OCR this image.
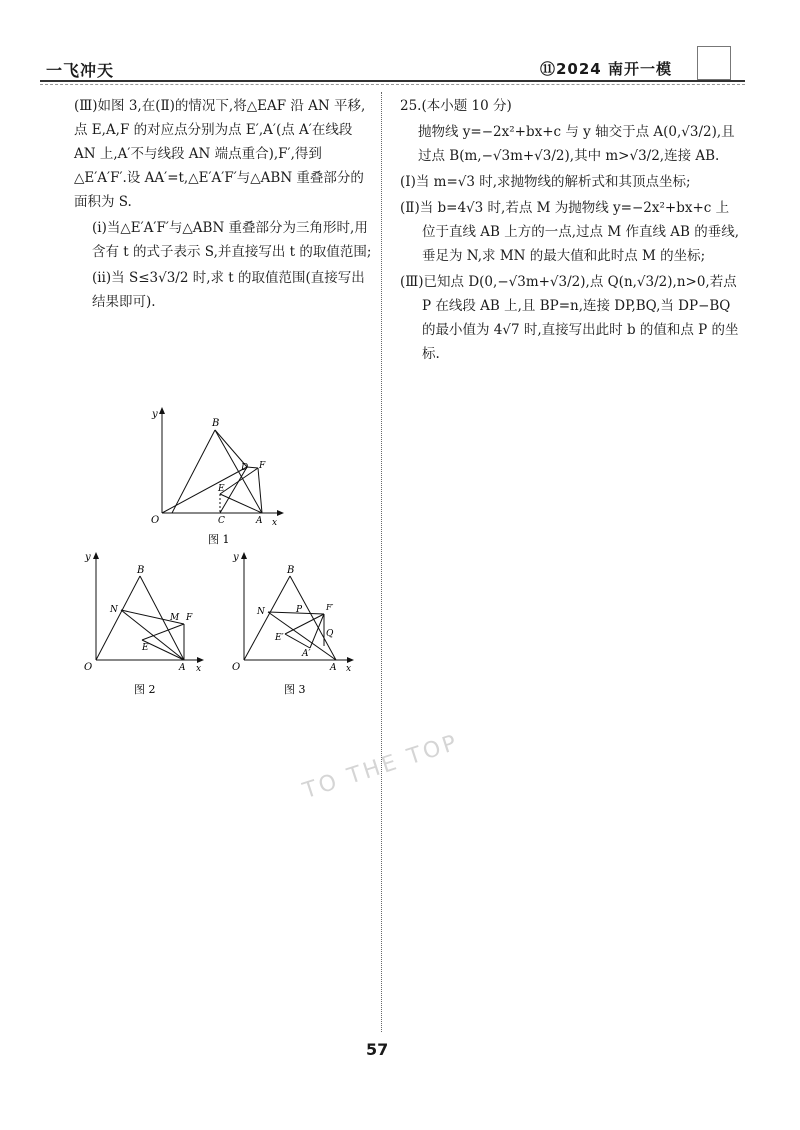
一飞冲天	⑪2024 南开一模

(Ⅲ)如图 3,在(Ⅱ)的情况下,将△EAF 沿 AN 平移,点 E,A,F 的对应点分别为点 E′,A′(点 A′在线段 AN 上,A′不与线段 AN 端点重合),F′,得到△E′A′F′.设 AA′=t,△E′A′F′与△ABN 重叠部分的面积为 S.

(ⅰ)当△E′A′F′与△ABN 重叠部分为三角形时,用含有 t 的式子表示 S,并直接写出 t 的取值范围;

(ⅱ)当 S≤3√3/2 时,求 t 的取值范围(直接写出结果即可).

y
B
D F
E
O	C	A x
图 1
y
B
N
M F
E
O	A x
图 2
y
B
N	P	F′
Q
E′
A′
O	A x
图 3

25.(本小题 10 分)

抛物线 y=−2x²+bx+c 与 y 轴交于点 A(0,√3/2),且过点 B(m,−√3m+√3/2),其中 m>√3/2,连接 AB.

(Ⅰ)当 m=√3 时,求抛物线的解析式和其顶点坐标;

(Ⅱ)当 b=4√3 时,若点 M 为抛物线 y=−2x²+bx+c 上位于直线 AB 上方的一点,过点 M 作直线 AB 的垂线,垂足为 N,求 MN 的最大值和此时点 M 的坐标;

(Ⅲ)已知点 D(0,−√3m+√3/2),点 Q(n,√3/2),n>0,若点 P 在线段 AB 上,且 BP=n,连接 DP,BQ,当 DP−BQ 的最小值为 4√7 时,直接写出此时 b 的值和点 P 的坐标.

TO THE TOP
57
